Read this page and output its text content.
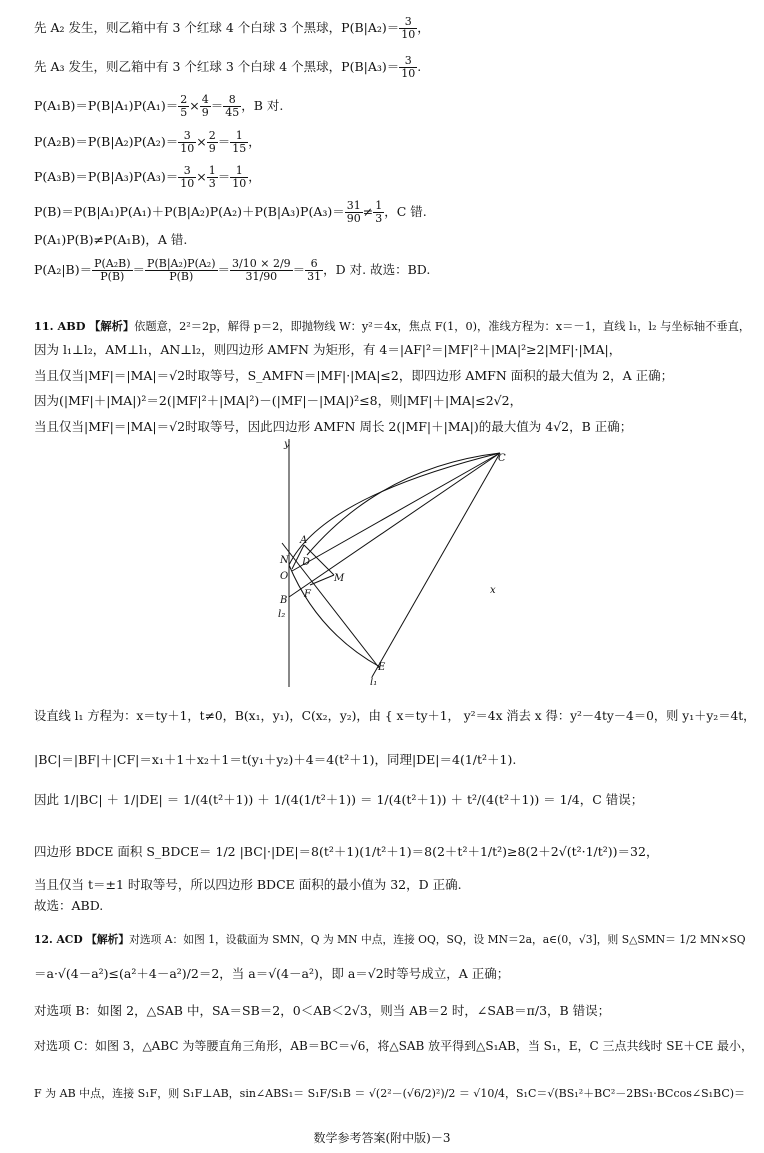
先 A₂ 发生，则乙箱中有 3 个红球 4 个白球 3 个黑球，$P(B|A_2)= \frac{3}{10}$ ，
先 A₃ 发生，则乙箱中有 3 个红球 3 个白球 4 个黑球，$P(B|A_3)= \frac{3}{10}$ .
$P(A_1B)=P(B|A_1)P(A_1)= \frac{2}{5} \times \frac{4}{9} = \frac{8}{45}$ ，B 对.
$P(A_2B)=P(B|A_2)P(A_2)= \frac{3}{10} \times \frac{2}{9} = \frac{1}{15}$ ，
$P(A_3B)=P(B|A_3)P(A_3)= \frac{3}{10} \times \frac{1}{3} = \frac{1}{10}$ ，
$P(B)=P(B|A_1)P(A_1)+P(B|A_2)P(A_2)+P(B|A_3)P(A_3)= \frac{31}{90} \ne \frac{1}{3}$ ，C 错.
P(A₁)P(B)≠P(A₁B)，A 错.
$P(A_2|B)= \frac{\text{P(A₂B)}}{P(B)} = \frac{\text{P(B|A₂)P(A₂)}}{P(B)} = \frac{3/10 \times 2/9}{31/90} = \frac{6}{31}$ ，D 对. 故选：BD.
11. ABD 【解析】依题意，2²＝2p，解得 p＝2，即抛物线 W：y²＝4x，焦点 F(1，0)，准线方程为：x＝－1，直线 l₁，l₂ 与坐标轴不垂直，
因为 l₁⊥l₂，AM⊥l₁，AN⊥l₂，则四边形 AMFN 为矩形，有 4＝|AF|²＝|MF|²＋|MA|²≥2|MF|·|MA|，
当且仅当|MF|＝|MA|＝√2时取等号，S_AMFN＝|MF|·|MA|≤2，即四边形 AMFN 面积的最大值为 2，A 正确；
因为(|MF|＋|MA|)²＝2(|MF|²＋|MA|²)－(|MF|－|MA|)²≤8，则|MF|＋|MA|≤2√2，
当且仅当|MF|＝|MA|＝√2时取等号，因此四边形 AMFN 周长 2(|MF|＋|MA|)的最大值为 4√2，B 正确；
y
C
A
N D
M
O
F
B
l₂
x
E
l₁
设直线 l₁ 方程为：x＝ty＋1，t≠0，B(x₁，y₁)，C(x₂，y₂)，由 { x＝ty＋1， y²＝4x 消去 x 得：y²－4ty－4＝0，则 y₁＋y₂＝4t，
|BC|＝|BF|＋|CF|＝x₁＋1＋x₂＋1＝t(y₁＋y₂)＋4＝4(t²＋1)，同理|DE|＝4(1/t²＋1).
因此 1/|BC| ＋ 1/|DE| ＝ 1/(4(t²＋1)) ＋ 1/(4(1/t²＋1)) ＝ 1/(4(t²＋1)) ＋ t²/(4(t²＋1)) ＝ 1/4，C 错误；
四边形 BDCE 面积 S_BDCE＝ 1/2 |BC|·|DE|＝8(t²＋1)(1/t²＋1)＝8(2＋t²＋1/t²)≥8(2＋2√(t²·1/t²))＝32，
当且仅当 t＝±1 时取等号，所以四边形 BDCE 面积的最小值为 32，D 正确.
故选：ABD.
12. ACD 【解析】对选项 A：如图 1，设截面为 SMN，Q 为 MN 中点，连接 OQ，SQ，设 MN＝2a，a∈(0，√3]，则 S△SMN＝ 1/2 MN×SQ
＝a·√(4－a²)≤(a²＋4－a²)/2＝2，当 a＝√(4－a²)，即 a＝√2时等号成立，A 正确；
对选项 B：如图 2，△SAB 中，SA＝SB＝2，0＜AB＜2√3，则当 AB＝2 时，∠SAB＝π/3，B 错误；
对选项 C：如图 3，△ABC 为等腰直角三角形，AB＝BC＝√6，将△SAB 放平得到△S₁AB，当 S₁，E，C 三点共线时 SE＋CE 最小，
F 为 AB 中点，连接 S₁F，则 S₁F⊥AB，sin∠ABS₁＝ S₁F/S₁B ＝ √(2²－(√6/2)²)/2 ＝ √10/4，S₁C＝√(BS₁²＋BC²－2BS₁·BCcos∠S₁BC)＝
数学参考答案(附中版)－3
